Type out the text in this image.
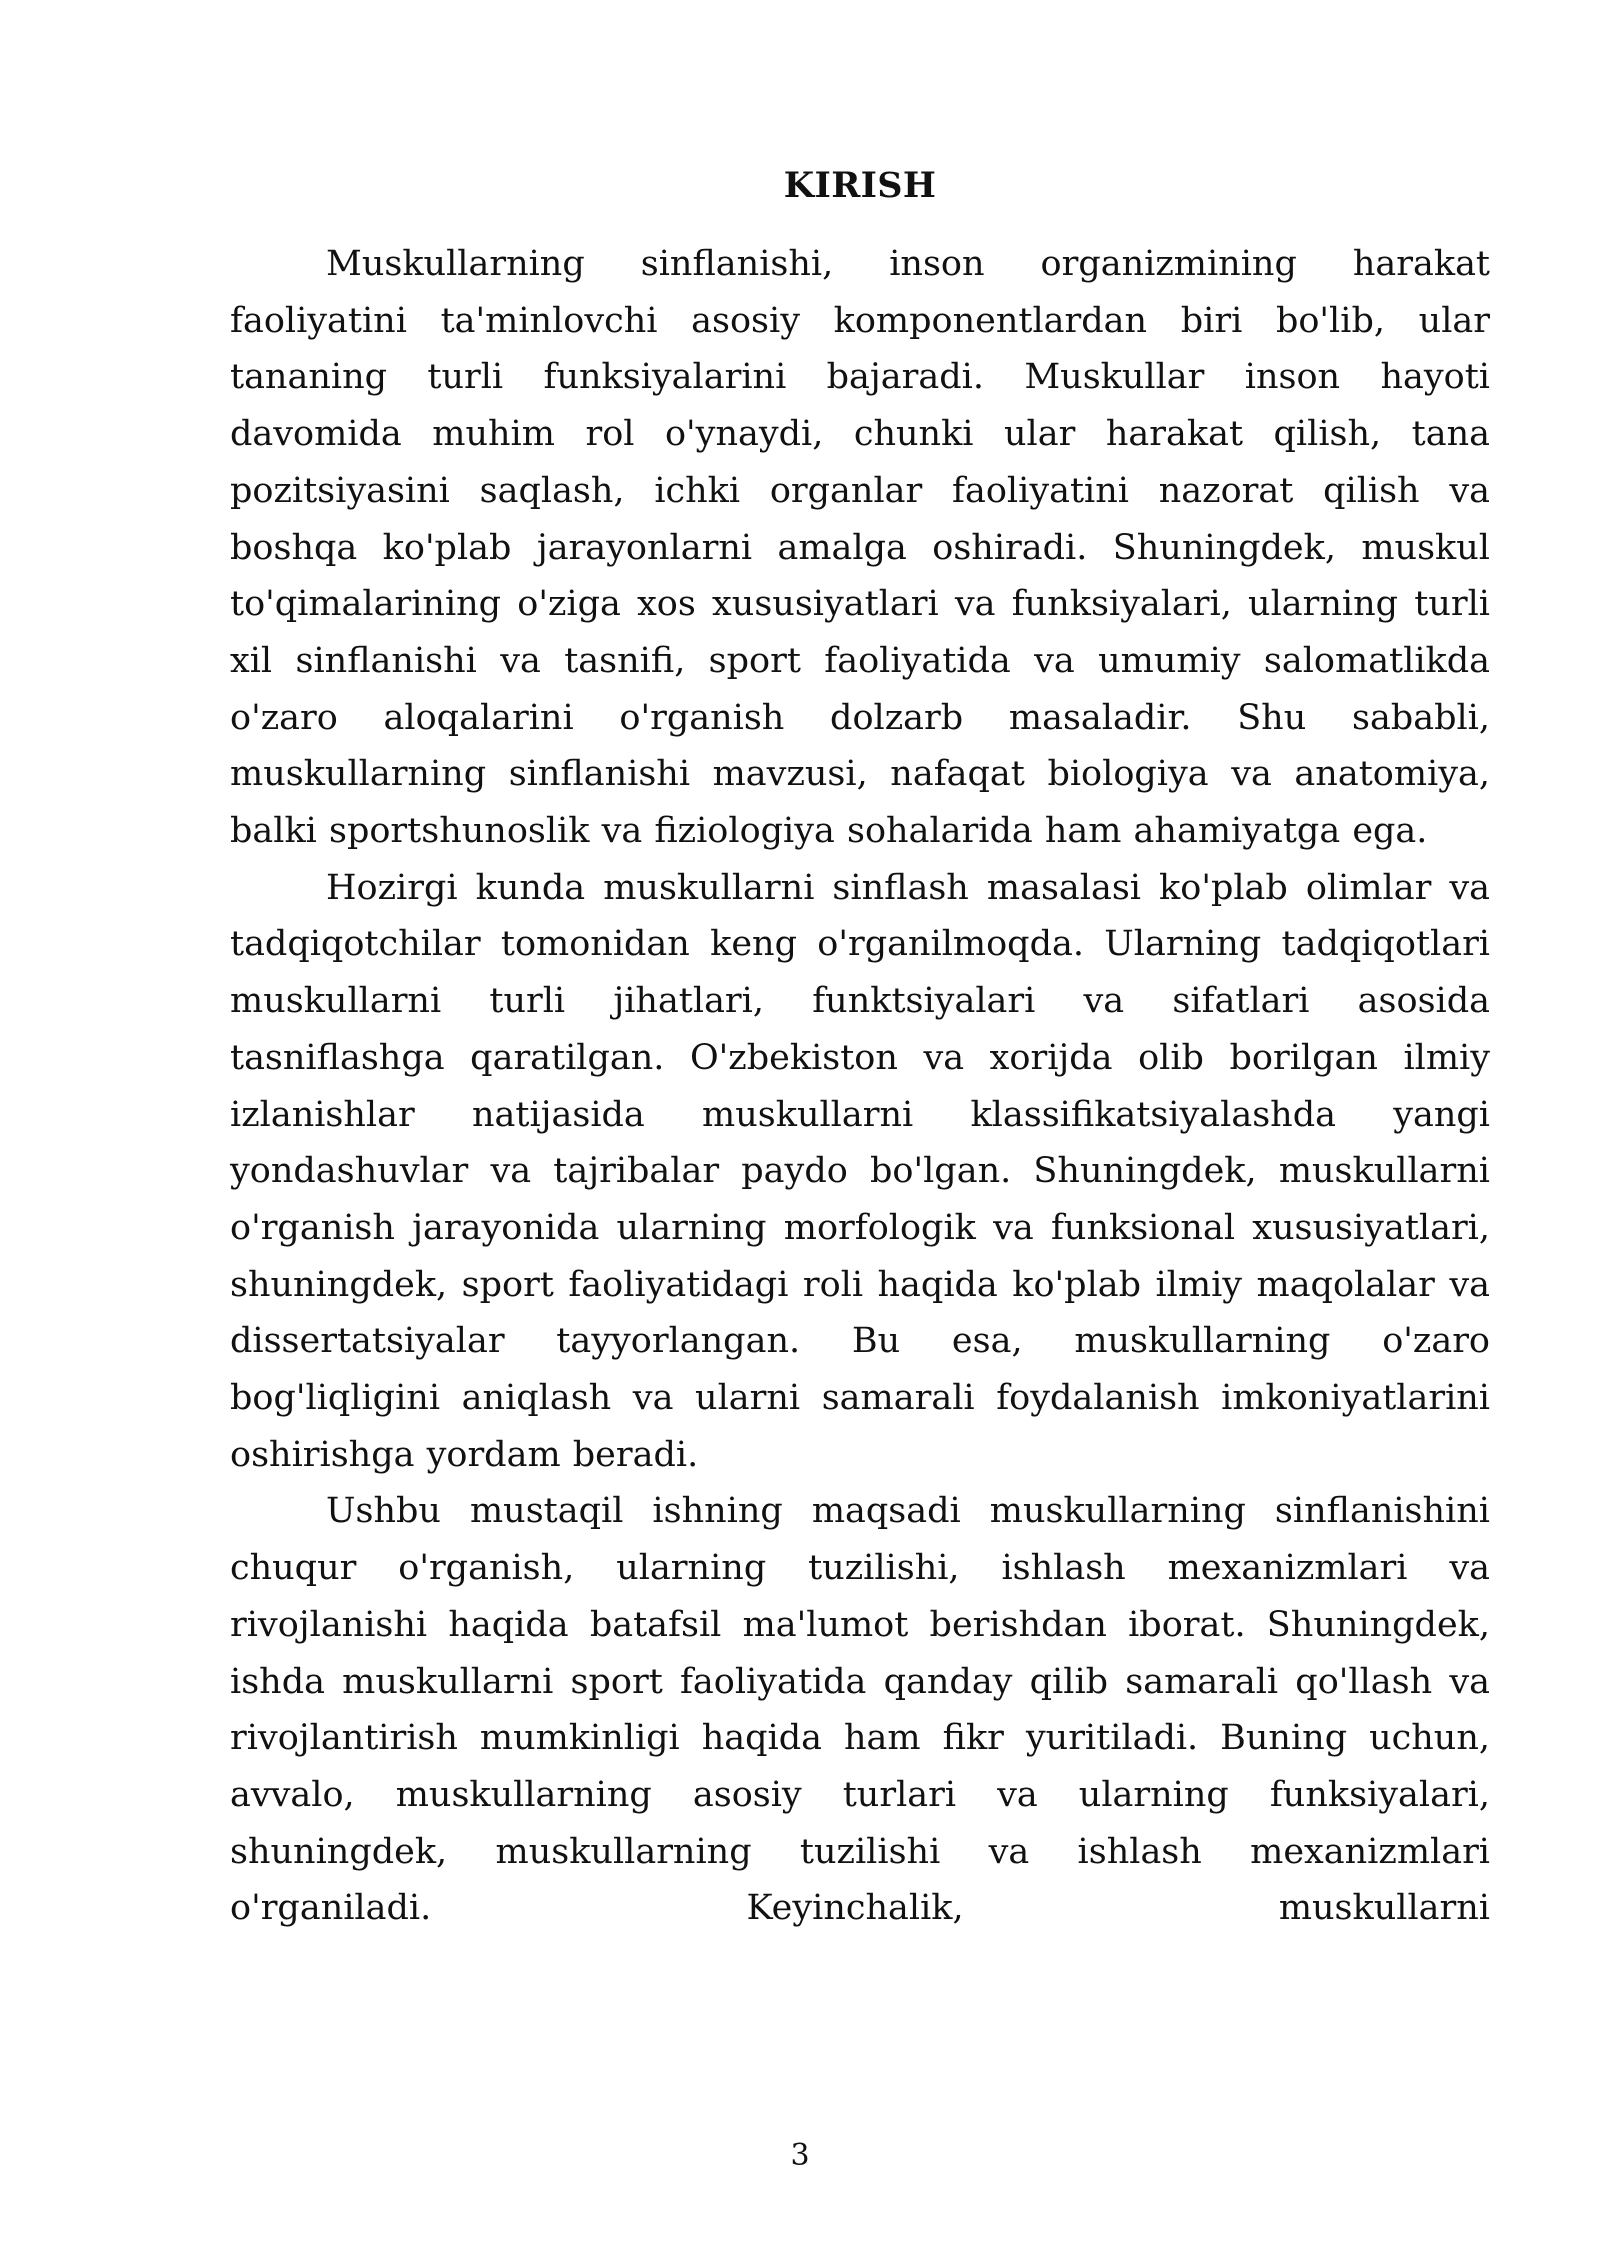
KIRISH

Muskullarning sinflanishi, inson organizmining harakat faoliyatini ta'minlovchi asosiy komponentlardan biri bo'lib, ular tananing turli funksiyalarini bajaradi. Muskullar inson hayoti davomida muhim rol o'ynaydi, chunki ular harakat qilish, tana pozitsiyasini saqlash, ichki organlar faoliyatini nazorat qilish va boshqa ko'plab jarayonlarni amalga oshiradi. Shuningdek, muskul to'qimalarining o'ziga xos xususiyatlari va funksiyalari, ularning turli xil sinflanishi va tasnifi, sport faoliyatida va umumiy salomatlikda o'zaro aloqalarini o'rganish dolzarb masaladir. Shu sababli, muskullarning sinflanishi mavzusi, nafaqat biologiya va anatomiya, balki sportshunoslik va fiziologiya sohalarida ham ahamiyatga ega.

Hozirgi kunda muskullarni sinflash masalasi ko'plab olimlar va tadqiqotchilar tomonidan keng o'rganilmoqda. Ularning tadqiqotlari muskullarni turli jihatlari, funktsiyalari va sifatlari asosida tasniflashga qaratilgan. O'zbekiston va xorijda olib borilgan ilmiy izlanishlar natijasida muskullarni klassifikatsiyalashda yangi yondashuvlar va tajribalar paydo bo'lgan. Shuningdek, muskullarni o'rganish jarayonida ularning morfologik va funksional xususiyatlari, shuningdek, sport faoliyatidagi roli haqida ko'plab ilmiy maqolalar va dissertatsiyalar tayyorlangan. Bu esa, muskullarning o'zaro bog'liqligini aniqlash va ularni samarali foydalanish imkoniyatlarini oshirishga yordam beradi.

Ushbu mustaqil ishning maqsadi muskullarning sinflanishini chuqur o'rganish, ularning tuzilishi, ishlash mexanizmlari va rivojlanishi haqida batafsil ma'lumot berishdan iborat. Shuningdek, ishda muskullarni sport faoliyatida qanday qilib samarali qo'llash va rivojlantirish mumkinligi haqida ham fikr yuritiladi. Buning uchun, avvalo, muskullarning asosiy turlari va ularning funksiyalari, shuningdek, muskullarning tuzilishi va ishlash mexanizmlari o'rganiladi. Keyinchalik, muskullarni

3
